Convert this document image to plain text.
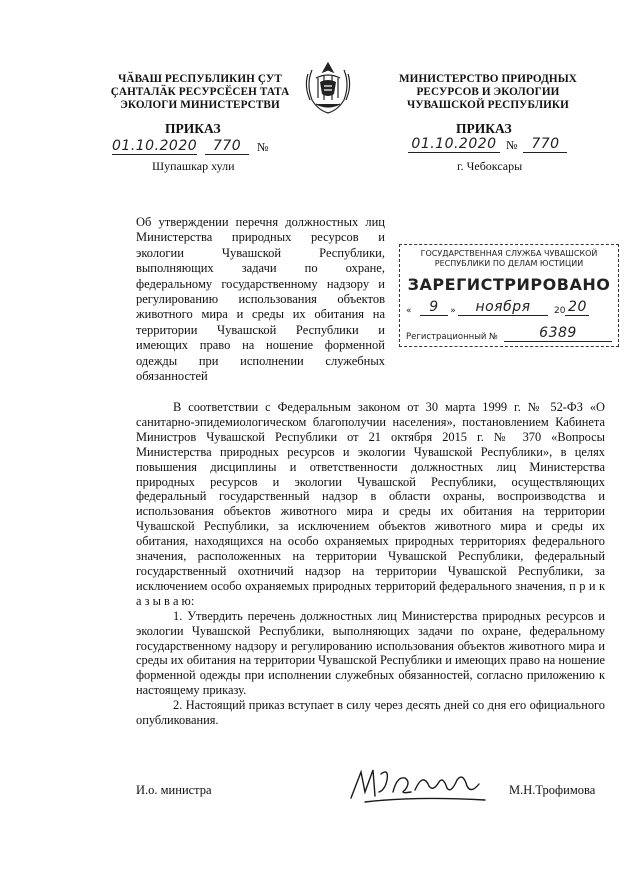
ЧӐВАШ РЕСПУБЛИКИН ҪУТ ҪАНТАЛӐК РЕСУРСӖСЕН ТАТА ЭКОЛОГИ МИНИСТЕРСТВИ
МИНИСТЕРСТВО ПРИРОДНЫХ РЕСУРСОВ И ЭКОЛОГИИ ЧУВАШСКОЙ РЕСПУБЛИКИ
ПРИКАЗ	ПРИКАЗ
01.10.2020	770	№	01.10.2020 № 770
Шупашкар хули	г. Чебоксары
Об утверждении перечня должностных лиц Министерства природных ресурсов и экологии Чувашской Республики, выполняющих задачи по охране, федеральному государственному надзору и регулированию использования объектов животного мира и среды их обитания на территории Чувашской Республики и имеющих право на ношение форменной одежды при исполнении служебных обязанностей
ГОСУДАРСТВЕННАЯ СЛУЖБА ЧУВАШСКОЙ РЕСПУБЛИКИ ПО ДЕЛАМ ЮСТИЦИИ
ЗАРЕГИСТРИРОВАНО
«	9	»	ноября	20 20
Регистрационный №	6389

В соответствии с Федеральным законом от 30 марта 1999 г. № 52-ФЗ «О санитарно-эпидемиологическом благополучии населения», постановлением Кабинета Министров Чувашской Республики от 21 октября 2015 г. № 370 «Вопросы Министерства природных ресурсов и экологии Чувашской Республики», в целях повышения дисциплины и ответственности должностных лиц Министерства природных ресурсов и экологии Чувашской Республики, осуществляющих федеральный государственный надзор в области охраны, воспроизводства и использования объектов животного мира и среды их обитания на территории Чувашской Республики, за исключением объектов животного мира и среды их обитания, находящихся на особо охраняемых природных территориях федерального значения, расположенных на территории Чувашской Республики, федеральный государственный охотничий надзор на территории Чувашской Республики, за исключением особо охраняемых природных территорий федерального значения, п р и к а з ы в а ю:

1. Утвердить перечень должностных лиц Министерства природных ресурсов и экологии Чувашской Республики, выполняющих задачи по охране, федеральному государственному надзору и регулированию использования объектов животного мира и среды их обитания на территории Чувашской Республики и имеющих право на ношение форменной одежды при исполнении служебных обязанностей, согласно приложению к настоящему приказу.

2. Настоящий приказ вступает в силу через десять дней со дня его официального опубликования.

И.о. министра	М.Н.Трофимова
